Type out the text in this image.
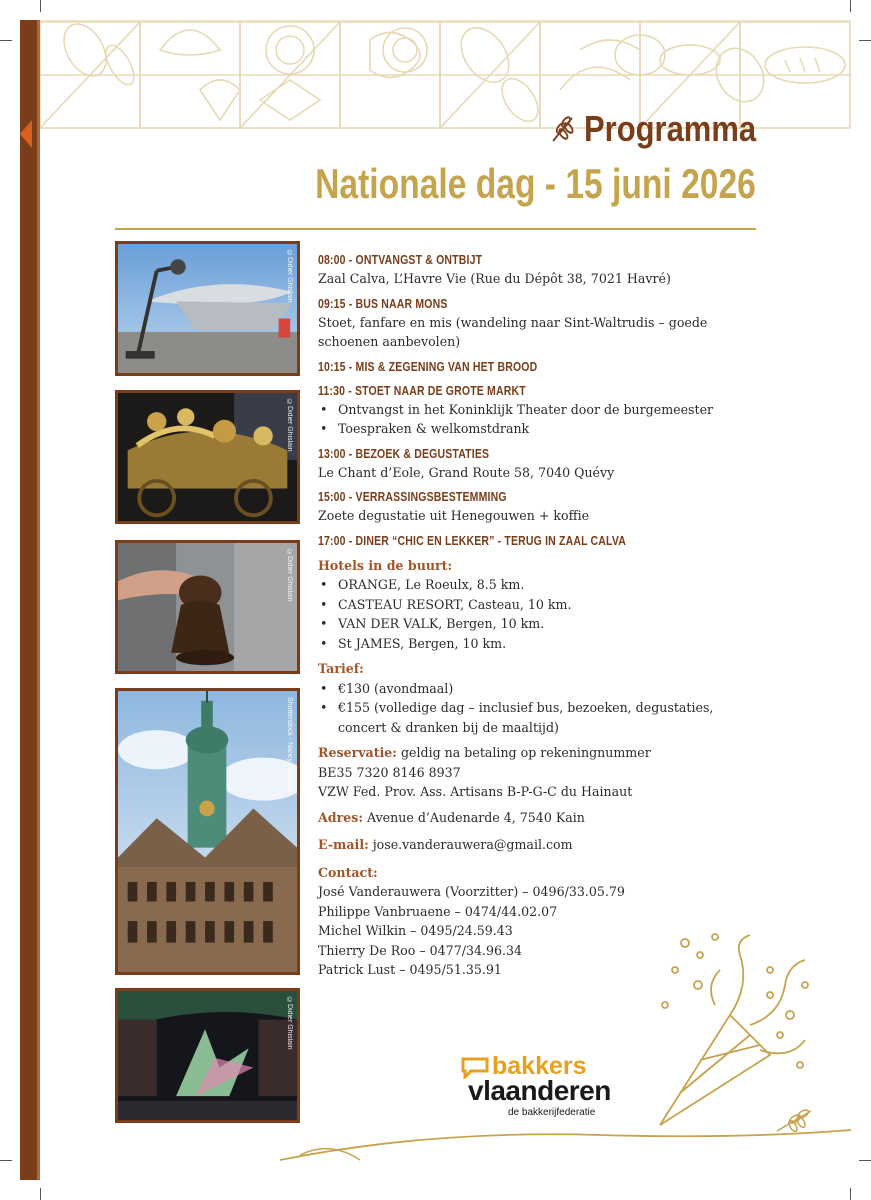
Programma
Nationale dag - 15 juni 2026
©Didier Ghislain
©Didier Ghislain
©Didier Ghislain
Shutterstock - Nancy Pauwels
©Didier Ghislain
08:00 - ONTVANGST & ONTBIJT
Zaal Calva, L’Havre Vie (Rue du Dépôt 38, 7021 Havré)
09:15 - BUS NAAR MONS
Stoet, fanfare en mis (wandeling naar Sint-Waltrudis – goede schoenen aanbevolen)
10:15 - MIS & ZEGENING VAN HET BROOD
11:30 - STOET NAAR DE GROTE MARKT
• Ontvangst in het Koninklijk Theater door de burgemeester
• Toespraken & welkomstdrank
13:00 - BEZOEK & DEGUSTATIES
Le Chant d’Eole, Grand Route 58, 7040 Quévy
15:00 - VERRASSINGSBESTEMMING
Zoete degustatie uit Henegouwen + koffie
17:00 - DINER “CHIC EN LEKKER” - TERUG IN ZAAL CALVA
Hotels in de buurt:
• ORANGE, Le Roeulx, 8.5 km.
• CASTEAU RESORT, Casteau, 10 km.
• VAN DER VALK, Bergen, 10 km.
• St JAMES, Bergen, 10 km.
Tarief:
• €130 (avondmaal)
• €155 (volledige dag – inclusief bus, bezoeken, degustaties, concert & dranken bij de maaltijd)
Reservatie: geldig na betaling op rekeningnummer
BE35 7320 8146 8937
VZW Fed. Prov. Ass. Artisans B-P-G-C du Hainaut
Adres: Avenue d’Audenarde 4, 7540 Kain
E-mail: jose.vanderauwera@gmail.com
Contact:
José Vanderauwera (Voorzitter) – 0496/33.05.79
Philippe Vanbruaene – 0474/44.02.07
Michel Wilkin – 0495/24.59.43
Thierry De Roo – 0477/34.96.34
Patrick Lust – 0495/51.35.91
bakkers
vlaanderen
de bakkerijfederatie
